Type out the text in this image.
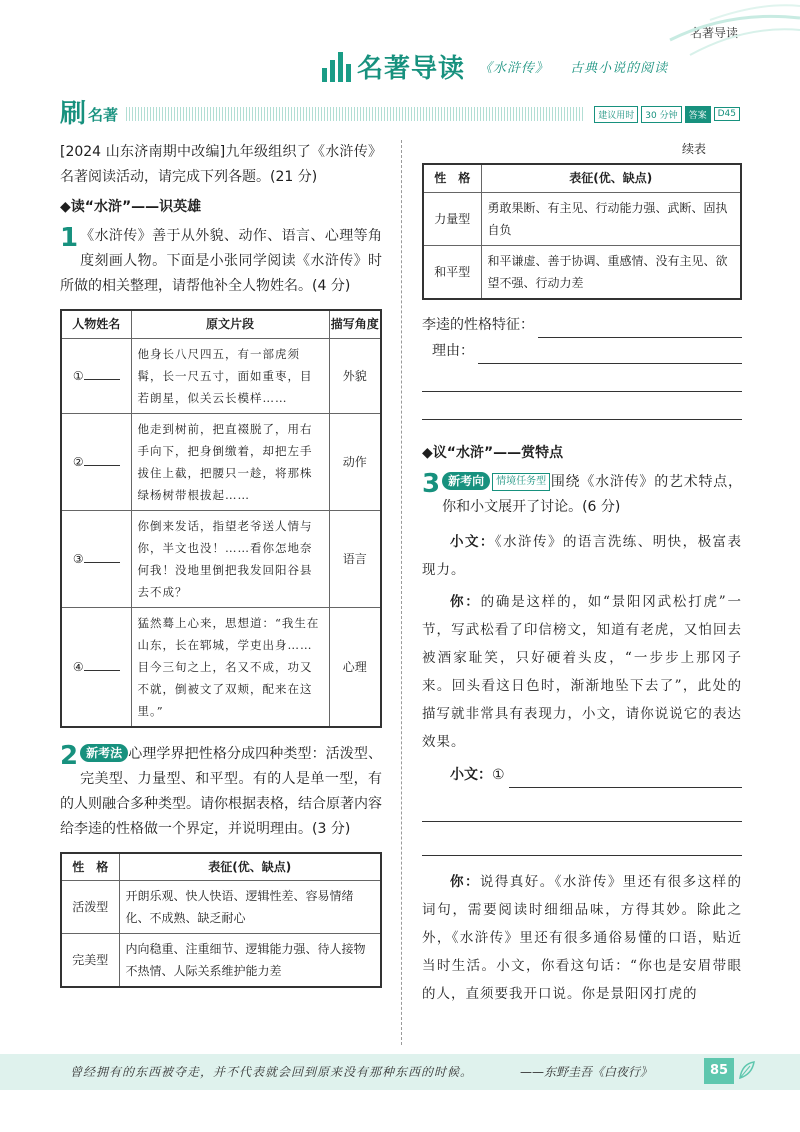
名著导读
名著导读 《水浒传》 古典小说的阅读
刷 名著	建议用时	30 分钟	答案	D45

[2024 山东济南期中改编]九年级组织了《水浒传》名著阅读活动，请完成下列各题。(21 分)

◆读“水浒”——识英雄

1 《水浒传》善于从外貌、动作、语言、心理等角度刻画人物。下面是小张同学阅读《水浒传》时所做的相关整理，请帮他补全人物姓名。(4 分)

人物姓名	原文片段	描写角度
①	他身长八尺四五，有一部虎须髯，长一尺五寸，面如重枣，目若朗星，似关云长模样……	外貌
②	他走到树前，把直裰脱了，用右手向下，把身倒缴着，却把左手拔住上截，把腰只一趁，将那株绿杨树带根拔起……	动作
③	你倒来发话，指望老爷送人情与你，半文也没！……看你怎地奈何我！没地里倒把我发回阳谷县去不成？	语言
④	猛然蓦上心来，思想道：“我生在山东，长在郓城，学吏出身……目今三旬之上，名又不成，功又不就，倒被文了双颊，配来在这里。”	心理
2 新考法 心理学界把性格分成四种类型：活泼型、完美型、力量型、和平型。有的人是单一型，有的人则融合多种类型。请你根据表格，结合原著内容给李逵的性格做一个界定，并说明理由。(3 分)

性　格	表征(优、缺点)
活泼型	开朗乐观、快人快语、逻辑性差、容易情绪化、不成熟、缺乏耐心
完美型	内向稳重、注重细节、逻辑能力强、待人接物不热情、人际关系维护能力差
续表
性　格	表征(优、缺点)
力量型	勇敢果断、有主见、行动能力强、武断、固执自负
和平型	和平谦虚、善于协调、重感情、没有主见、欲望不强、行动力差
李逵的性格特征：
理由：

◆议“水浒”——赏特点

3 新考向 情境任务型 围绕《水浒传》的艺术特点，你和小文展开了讨论。(6 分)

小文：《水浒传》的语言洗练、明快，极富表现力。

你：的确是这样的，如“景阳冈武松打虎”一节，写武松看了印信榜文，知道有老虎，又怕回去被酒家耻笑，只好硬着头皮，“一步步上那冈子来。回头看这日色时，渐渐地坠下去了”，此处的描写就非常具有表现力，小文，请你说说它的表达效果。

小文： ①

你：说得真好。《水浒传》里还有很多这样的词句，需要阅读时细细品味，方得其妙。除此之外，《水浒传》里还有很多通俗易懂的口语，贴近当时生活。小文，你看这句话：“你也是安眉带眼的人，直须要我开口说。你是景阳冈打虎的

曾经拥有的东西被夺走，并不代表就会回到原来没有那种东西的时候。	——东野圭吾《白夜行》	85
